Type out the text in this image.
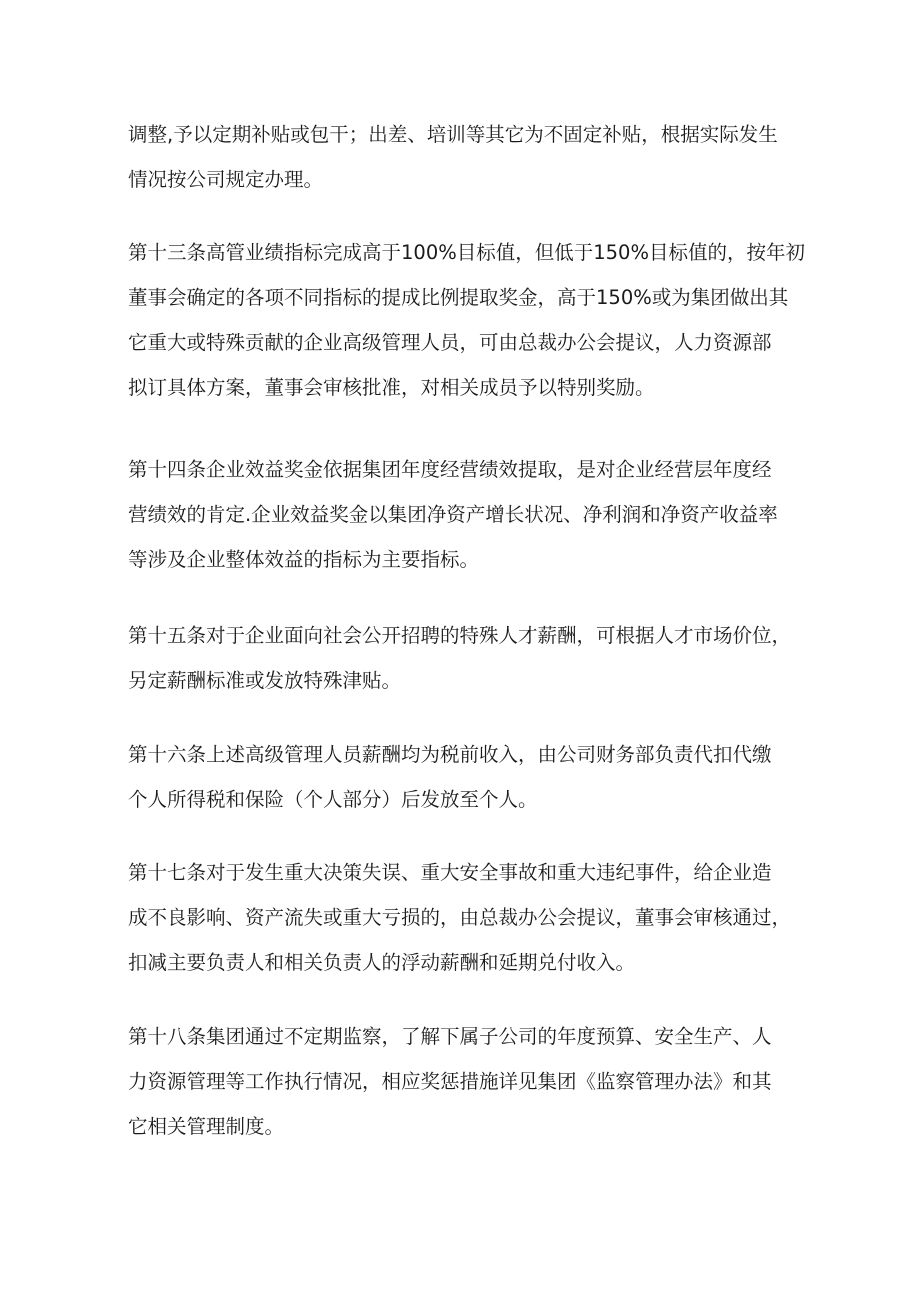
调整,予以定期补贴或包干；出差、培训等其它为不固定补贴，根据实际发生
情况按公司规定办理。
第十三条高管业绩指标完成高于100%目标值，但低于150%目标值的，按年初
董事会确定的各项不同指标的提成比例提取奖金，高于150%或为集团做出其
它重大或特殊贡献的企业高级管理人员，可由总裁办公会提议，人力资源部
拟订具体方案，董事会审核批准，对相关成员予以特别奖励。
第十四条企业效益奖金依据集团年度经营绩效提取，是对企业经营层年度经
营绩效的肯定.企业效益奖金以集团净资产增长状况、净利润和净资产收益率
等涉及企业整体效益的指标为主要指标。
第十五条对于企业面向社会公开招聘的特殊人才薪酬，可根据人才市场价位，
另定薪酬标准或发放特殊津贴。
第十六条上述高级管理人员薪酬均为税前收入，由公司财务部负责代扣代缴
个人所得税和保险（个人部分）后发放至个人。
第十七条对于发生重大决策失误、重大安全事故和重大违纪事件，给企业造
成不良影响、资产流失或重大亏损的，由总裁办公会提议，董事会审核通过，
扣减主要负责人和相关负责人的浮动薪酬和延期兑付收入。
第十八条集团通过不定期监察，了解下属子公司的年度预算、安全生产、人
力资源管理等工作执行情况，相应奖惩措施详见集团《监察管理办法》和其
它相关管理制度。
